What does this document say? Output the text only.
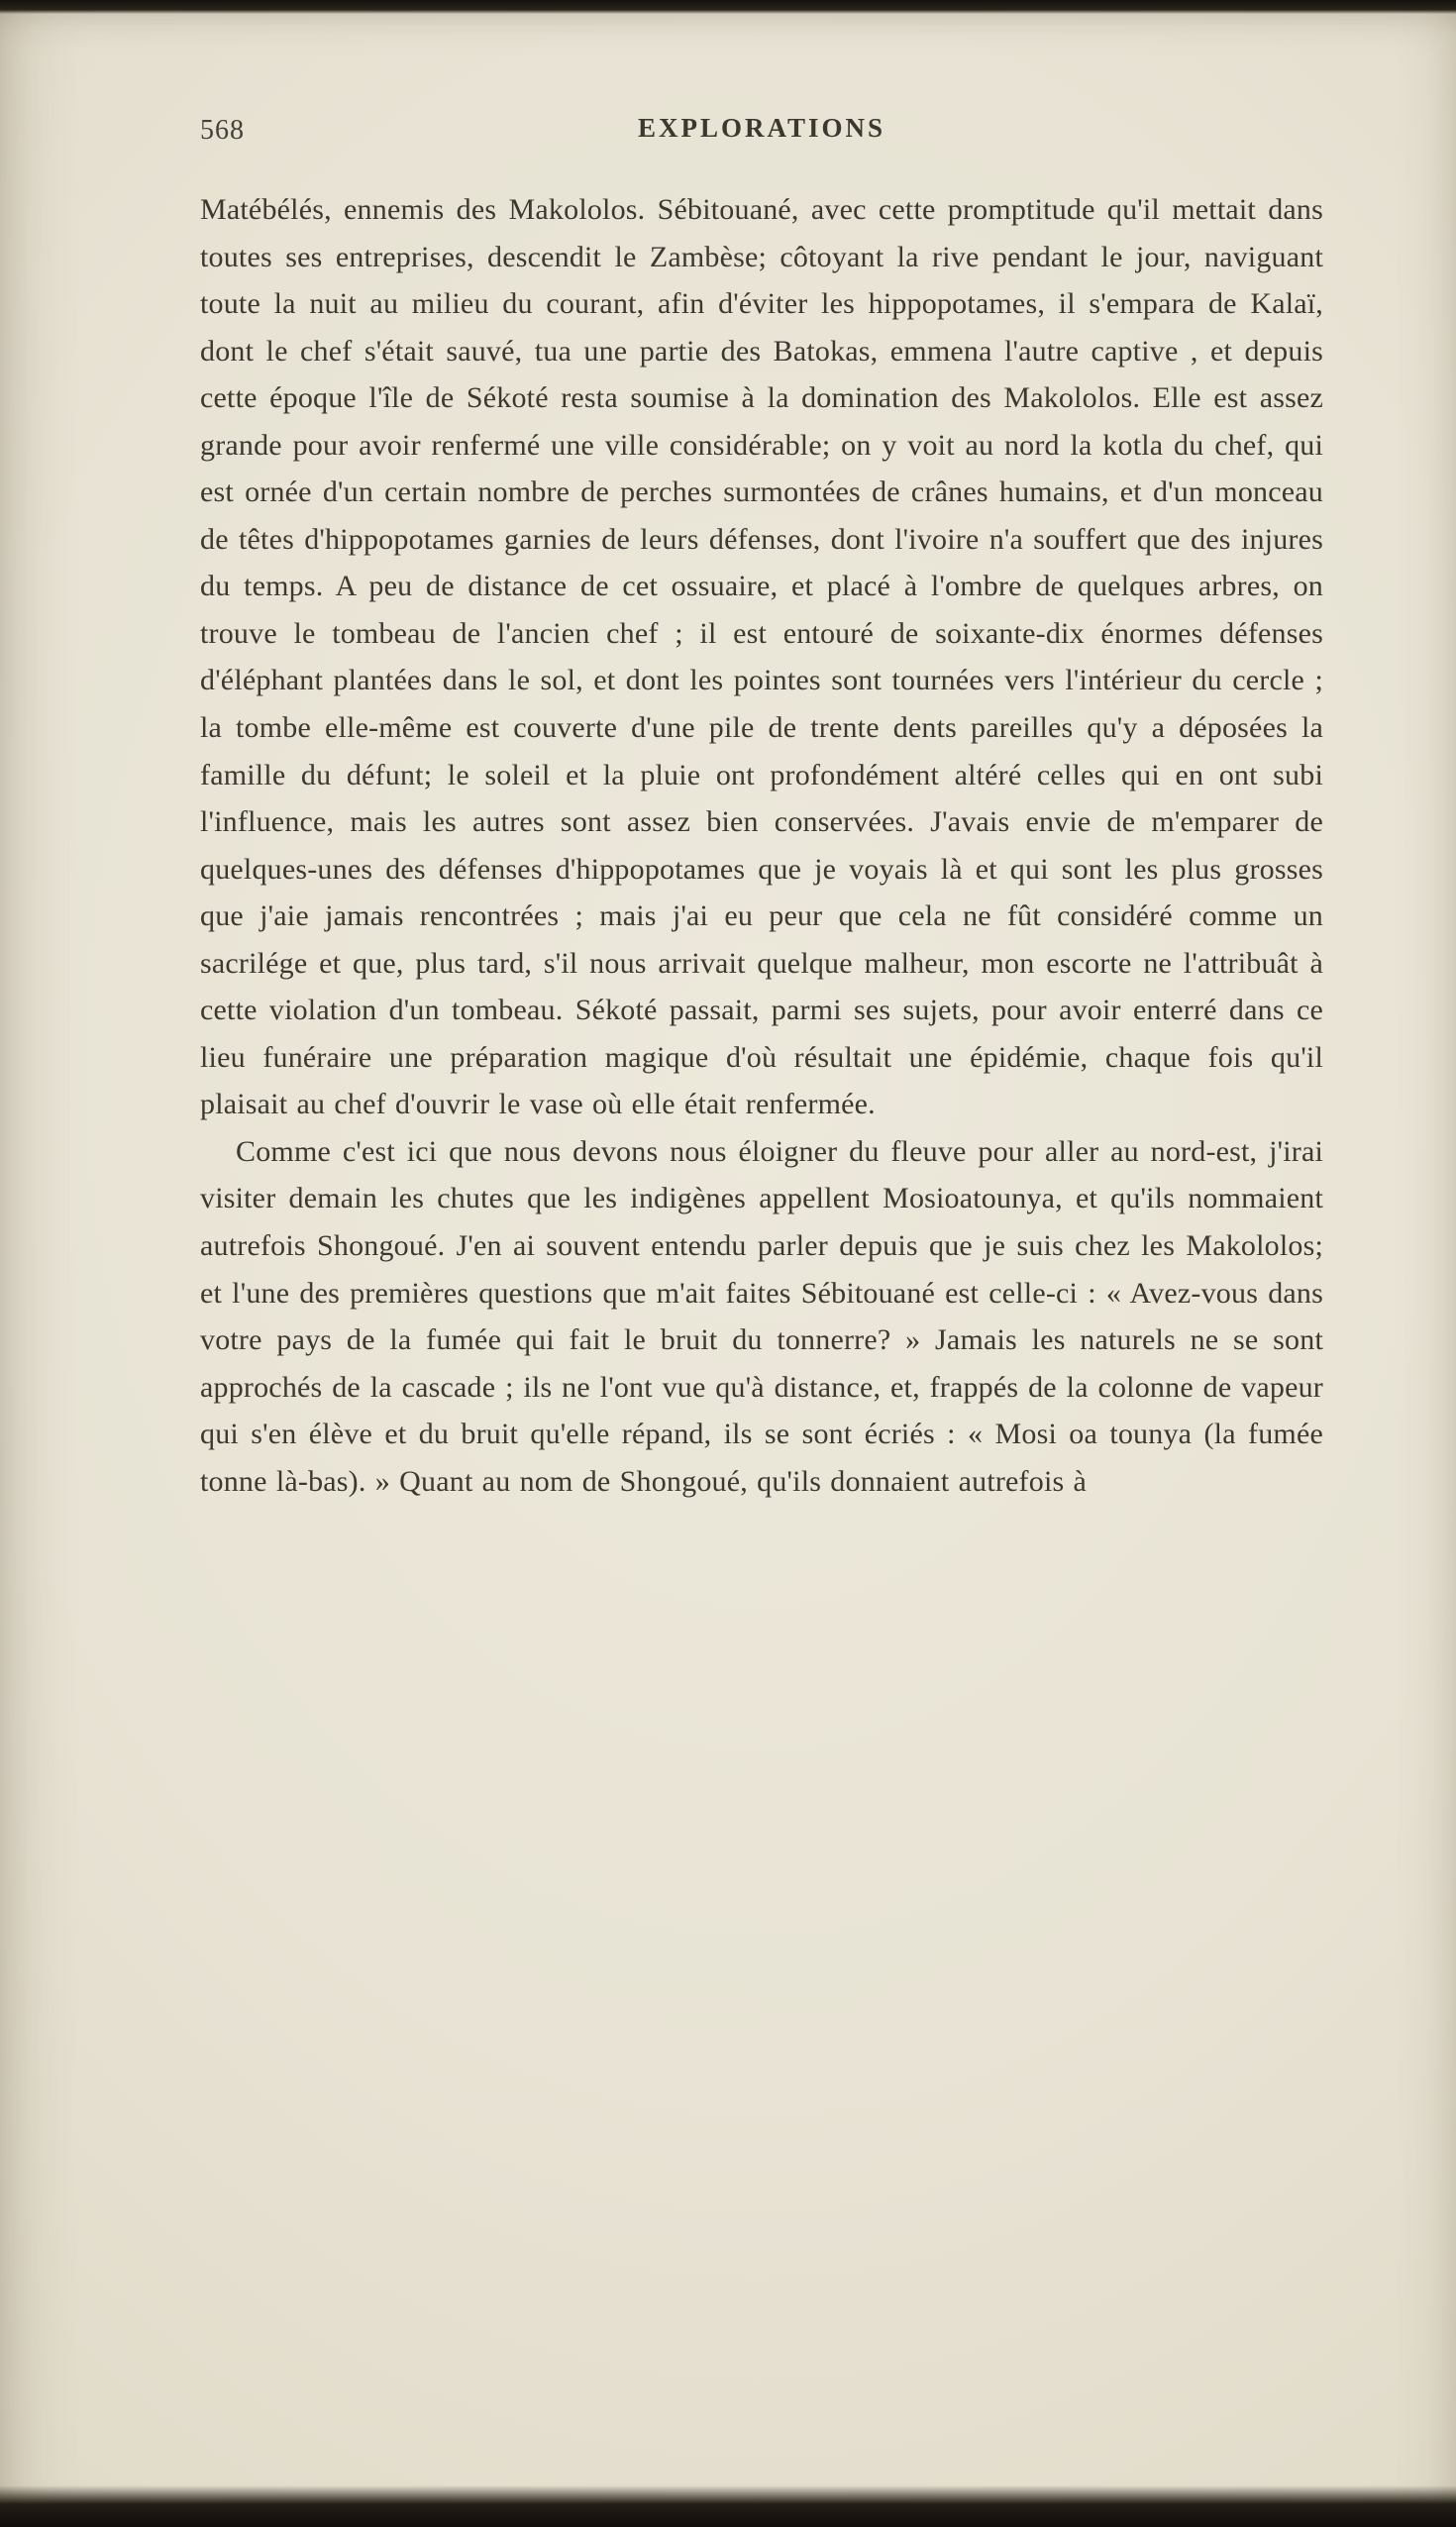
568	EXPLORATIONS

Matébélés, ennemis des Makololos. Sébitouané, avec cette promptitude qu'il mettait dans toutes ses entreprises, descendit le Zambèse; côtoyant la rive pendant le jour, naviguant toute la nuit au milieu du courant, afin d'éviter les hippopotames, il s'empara de Kalaï, dont le chef s'était sauvé, tua une partie des Batokas, emmena l'autre captive , et depuis cette époque l'île de Sékoté resta soumise à la domination des Makololos. Elle est assez grande pour avoir renfermé une ville considérable; on y voit au nord la kotla du chef, qui est ornée d'un certain nombre de perches surmontées de crânes humains, et d'un monceau de têtes d'hippopotames garnies de leurs défenses, dont l'ivoire n'a souffert que des injures du temps. A peu de distance de cet ossuaire, et placé à l'ombre de quelques arbres, on trouve le tombeau de l'ancien chef ; il est entouré de soixante-dix énormes défenses d'éléphant plantées dans le sol, et dont les pointes sont tournées vers l'intérieur du cercle ; la tombe elle-même est couverte d'une pile de trente dents pareilles qu'y a déposées la famille du défunt; le soleil et la pluie ont profondément altéré celles qui en ont subi l'influence, mais les autres sont assez bien conservées. J'avais envie de m'emparer de quelques-unes des défenses d'hippopotames que je voyais là et qui sont les plus grosses que j'aie jamais rencontrées ; mais j'ai eu peur que cela ne fût considéré comme un sacrilége et que, plus tard, s'il nous arrivait quelque malheur, mon escorte ne l'attribuât à cette violation d'un tombeau. Sékoté passait, parmi ses sujets, pour avoir enterré dans ce lieu funéraire une préparation magique d'où résultait une épidémie, chaque fois qu'il plaisait au chef d'ouvrir le vase où elle était renfermée.

Comme c'est ici que nous devons nous éloigner du fleuve pour aller au nord-est, j'irai visiter demain les chutes que les indigènes appellent Mosioatounya, et qu'ils nommaient autrefois Shongoué. J'en ai souvent entendu parler depuis que je suis chez les Makololos; et l'une des premières questions que m'ait faites Sébitouané est celle-ci : « Avez-vous dans votre pays de la fumée qui fait le bruit du tonnerre? » Jamais les naturels ne se sont approchés de la cascade ; ils ne l'ont vue qu'à distance, et, frappés de la colonne de vapeur qui s'en élève et du bruit qu'elle répand, ils se sont écriés : « Mosi oa tounya (la fumée tonne là-bas). » Quant au nom de Shongoué, qu'ils donnaient autrefois à
